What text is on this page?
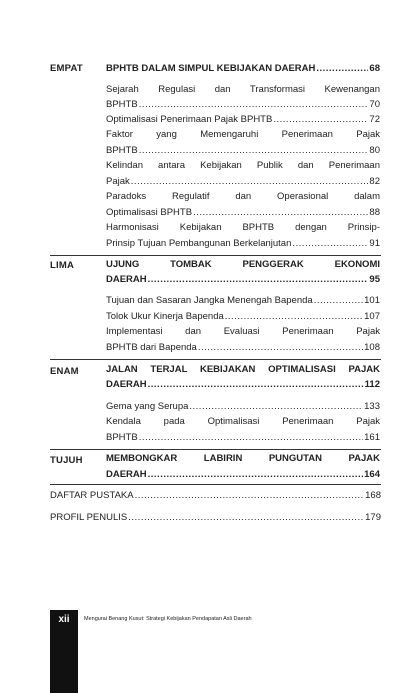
EMPAT BPHTB DALAM SIMPUL KEBIJAKAN DAERAH .....	68
Sejarah Regulasi dan Transformasi Kewenangan
BPHTB .....	70
Optimalisasi Penerimaan Pajak BPHTB .....	72
Faktor yang Memengaruhi Penerimaan Pajak
BPHTB .....	80
Kelindan antara Kebijakan Publik dan Penerimaan
Pajak .....	82
Paradoks Regulatif dan Operasional dalam
Optimalisasi BPHTB .....	88
Harmonisasi Kebijakan BPHTB dengan Prinsip-
Prinsip Tujuan Pembangunan Berkelanjutan .....	91
LIMA	UJUNG TOMBAK PENGGERAK EKONOMI
DAERAH .....	95
Tujuan dan Sasaran Jangka Menengah Bapenda .....	101
Tolok Ukur Kinerja Bapenda .....	107
Implementasi dan Evaluasi Penerimaan Pajak
BPHTB dari Bapenda .....	108
ENAM	JALAN TERJAL KEBIJAKAN OPTIMALISASI PAJAK
DAERAH .....	112
Gema yang Serupa .....	133
Kendala pada Optimalisasi Penerimaan Pajak
BPHTB .....	161
TUJUH MEMBONGKAR LABIRIN PUNGUTAN PAJAK
DAERAH .....	164
DAFTAR PUSTAKA .....	168
PROFIL PENULIS .....	179
xii	Mengurai Benang Kusut: Strategi Kebijakan Pendapatan Asli Daerah
